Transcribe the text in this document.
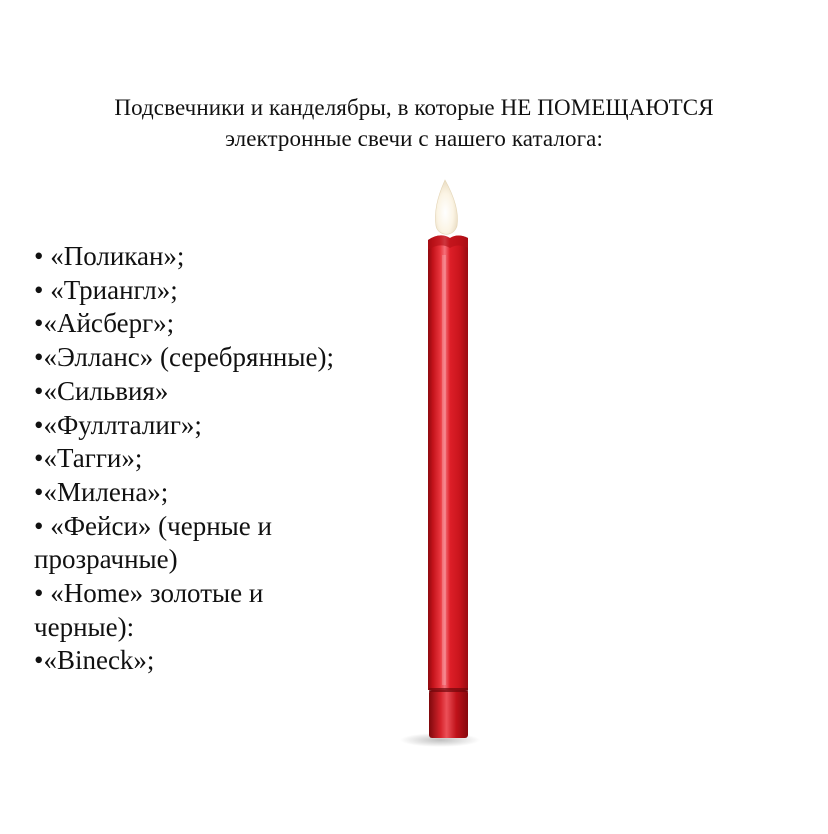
Подсвечники и канделябры, в которые НЕ ПОМЕЩАЮТСЯ
электронные свечи с нашего каталога:
• «Поликан»;
• «Триангл»;
•«Айсберг»;
•«Элланс» (серебрянные);
•«Сильвия»
•«Фуллталиг»;
•«Тагги»;
•«Милена»;
• «Фейси» (черные и
прозрачные)
• «Home» золотые и
черные):
•«Bineck»;
